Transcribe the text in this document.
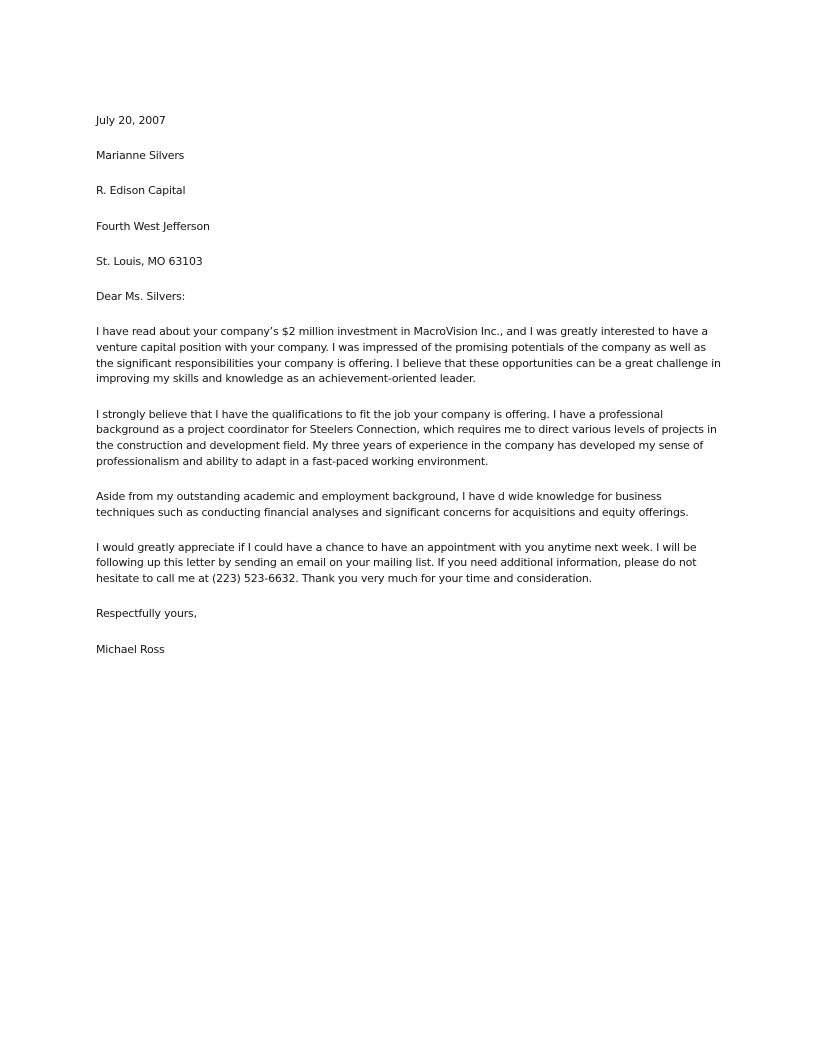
July 20, 2007

Marianne Silvers

R. Edison Capital

Fourth West Jefferson

St. Louis, MO 63103

Dear Ms. Silvers:

I have read about your company’s $2 million investment in MacroVision Inc., and I was greatly interested to have a venture capital position with your company. I was impressed of the promising potentials of the company as well as the significant responsibilities your company is offering. I believe that these opportunities can be a great challenge in improving my skills and knowledge as an achievement-oriented leader.

I strongly believe that I have the qualifications to fit the job your company is offering. I have a professional background as a project coordinator for Steelers Connection, which requires me to direct various levels of projects in the construction and development field. My three years of experience in the company has developed my sense of professionalism and ability to adapt in a fast-paced working environment.

Aside from my outstanding academic and employment background, I have d wide knowledge for business techniques such as conducting financial analyses and significant concerns for acquisitions and equity offerings.

I would greatly appreciate if I could have a chance to have an appointment with you anytime next week. I will be following up this letter by sending an email on your mailing list. If you need additional information, please do not hesitate to call me at (223) 523-6632. Thank you very much for your time and consideration.

Respectfully yours,

Michael Ross
